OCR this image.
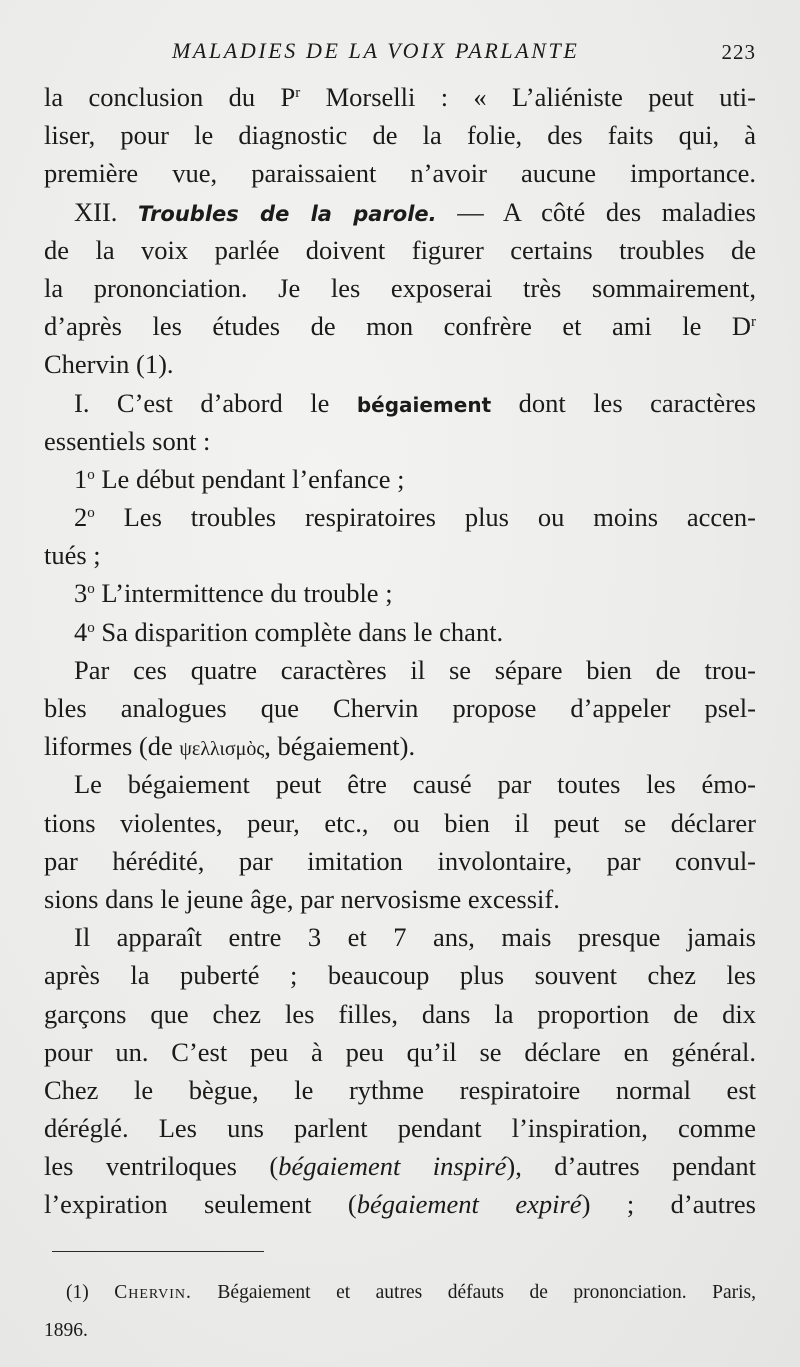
MALADIES DE LA VOIX PARLANTE	223
la conclusion du $P^r$ Morselli : « L’aliéniste peut uti-
liser, pour le diagnostic de la folie, des faits qui, à
première vue, paraissaient n’avoir aucune importance.
XII. Troubles de la parole. — A côté des maladies
de la voix parlée doivent figurer certains troubles de
la prononciation. Je les exposerai très sommairement,
d’après les études de mon confrère et ami le $D^r$
Chervin (1).
I. C’est d’abord le bégaiement dont les caractères
essentiels sont :
1$^o$ Le début pendant l’enfance ;
2$^o$ Les troubles respiratoires plus ou moins accen-
tués ;
3$^o$ L’intermittence du trouble ;
4$^o$ Sa disparition complète dans le chant.
Par ces quatre caractères il se sépare bien de trou-
bles analogues que Chervin propose d’appeler psel-
liformes (de ψελλισμὸς, bégaiement).
Le bégaiement peut être causé par toutes les émo-
tions violentes, peur, etc., ou bien il peut se déclarer
par hérédité, par imitation involontaire, par convul-
sions dans le jeune âge, par nervosisme excessif.
Il apparaît entre 3 et 7 ans, mais presque jamais
après la puberté ; beaucoup plus souvent chez les
garçons que chez les filles, dans la proportion de dix
pour un. C’est peu à peu qu’il se déclare en général.
Chez le bègue, le rythme respiratoire normal est
déréglé. Les uns parlent pendant l’inspiration, comme
les ventriloques (bégaiement inspiré), d’autres pendant
l’expiration seulement (bégaiement expiré) ; d’autres
(1) Chervin. Bégaiement et autres défauts de prononciation. Paris,
1896.
